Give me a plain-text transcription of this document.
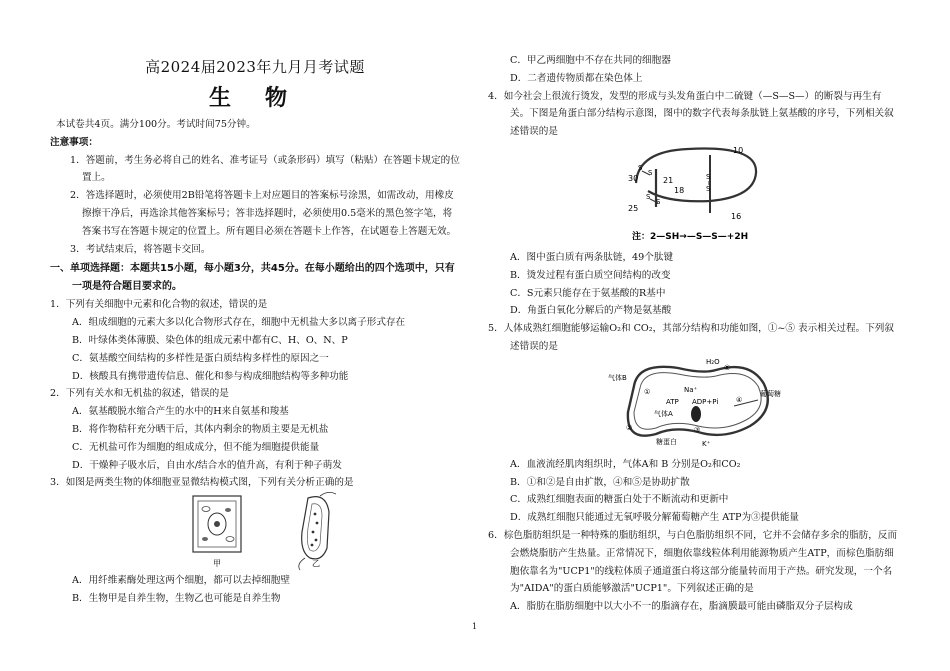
高2024届2023年九月月考试题
生物
本试卷共4页。满分100分。考试时间75分钟。
注意事项：
1．答题前，考生务必将自己的姓名、准考证号（或条形码）填写（粘贴）在答题卡规定的位置上。
2．答选择题时，必须使用2B铅笔将答题卡上对应题目的答案标号涂黑，如需改动，用橡皮擦擦干净后，再选涂其他答案标号；答非选择题时，必须使用0.5毫米的黑色签字笔，将答案书写在答题卡规定的位置上。所有题目必须在答题卡上作答，在试题卷上答题无效。
3．考试结束后，将答题卡交回。
一、单项选择题：本题共15小题，每小题3分，共45分。在每小题给出的四个选项中，只有一项是符合题目要求的。
1．下列有关细胞中元素和化合物的叙述，错误的是
A．组成细胞的元素大多以化合物形式存在，细胞中无机盐大多以离子形式存在
B．叶绿体类体薄膜、染色体的组成元素中都有C、H、O、N、P
C．氨基酸空间结构的多样性是蛋白质结构多样性的原因之一
D．核酸具有携带遗传信息、催化和参与构成细胞结构等多种功能
2．下列有关水和无机盐的叙述，错误的是
A．氨基酸脱水缩合产生的水中的H来自氨基和羧基
B．将作物秸秆充分晒干后，其体内剩余的物质主要是无机盐
C．无机盐可作为细胞的组成成分，但不能为细胞提供能量
D．干燥种子吸水后，自由水/结合水的值升高，有利于种子萌发
3．如图是两类生物的体细胞亚显微结构模式图，下列有关分析正确的是
甲	乙
A．用纤维素酶处理这两个细胞，都可以去掉细胞壁
B．生物甲是自养生物，生物乙也可能是自养生物
C．甲乙两细胞中不存在共同的细胞器
D．二者遗传物质都在染色体上
4．如今社会上很流行烫发，发型的形成与头发角蛋白中二硫键（—S—S—）的断裂与再生有关。下图是角蛋白部分结构示意图，图中的数字代表每条肽链上氨基酸的序号，下列相关叙述错误的是
S
S
S
S
S
S
10
30	21
18
25
16
注：2—SH→—S—S—+2H
A．图中蛋白质有两条肽链，49个肽键
B．烫发过程有蛋白质空间结构的改变
C．S元素只能存在于氨基酸的R基中
D．角蛋白氧化分解后的产物是氨基酸
5．人体成熟红细胞能够运输O₂和 CO₂，其部分结构和功能如图，①~⑤ 表示相关过程。下列叙述错误的是
H₂O
气体B
①	Na⁺
ATP ADP+Pi
气体A
②	③
④
⑤
糖蛋白	K⁺
葡萄糖
A．血液流经肌肉组织时，气体A和 B 分别是O₂和CO₂
B．①和②是自由扩散，④和⑤是协助扩散
C．成熟红细胞表面的糖蛋白处于不断流动和更新中
D．成熟红细胞只能通过无氧呼吸分解葡萄糖产生 ATP为③提供能量
6．棕色脂肪组织是一种特殊的脂肪组织，与白色脂肪组织不同，它并不会储存多余的脂肪，反而会燃烧脂肪产生热量。正常情况下，细胞依靠线粒体利用能源物质产生ATP，而棕色脂肪细胞依靠名为"UCP1"的线粒体质子通道蛋白将这部分能量转而用于产热。研究发现，一个名为"AIDA"的蛋白质能够激活"UCP1"。下列叙述正确的是
A．脂肪在脂肪细胞中以大小不一的脂滴存在，脂滴膜最可能由磷脂双分子层构成
1
